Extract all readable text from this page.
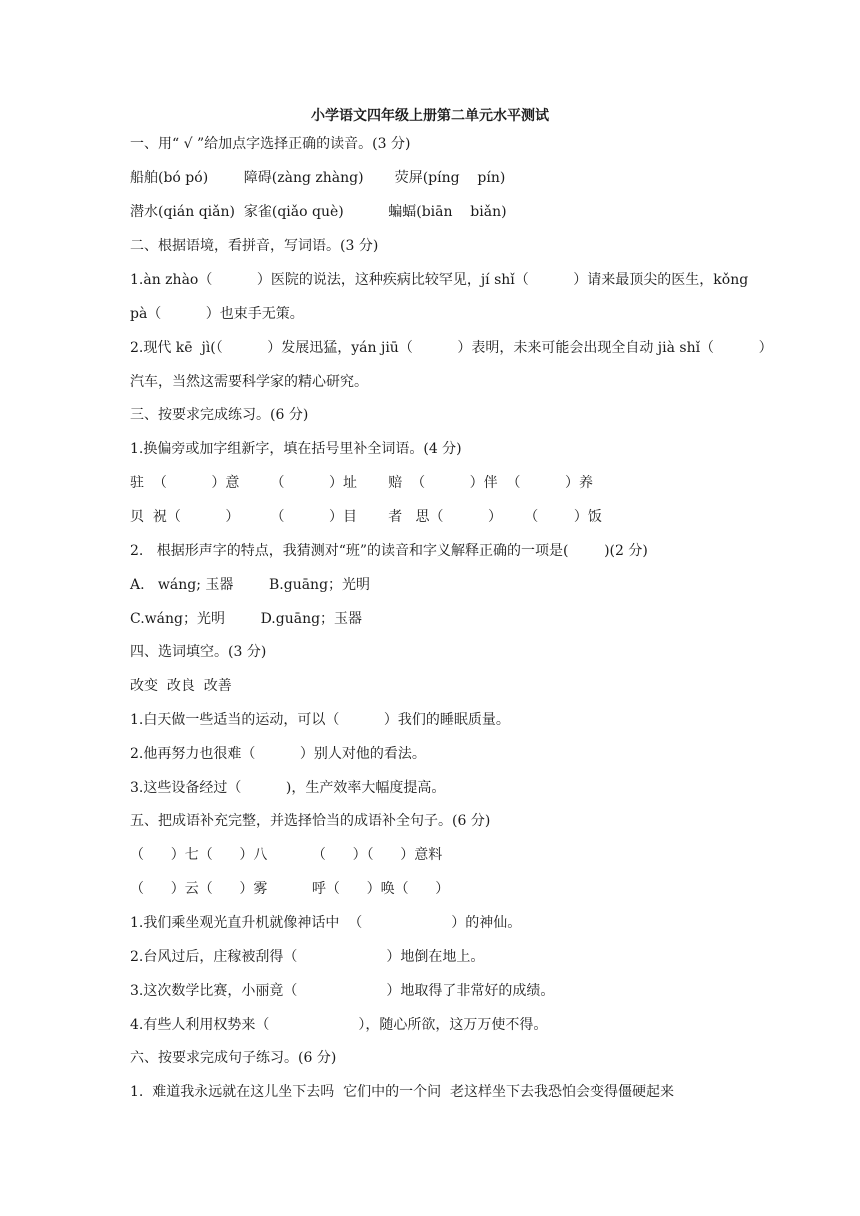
小学语文四年级上册第二单元水平测试
一、用“ √ ”给加点字选择正确的读音。(3 分)
船舶(bó pó)        障碍(zàng zhàng)       荧屏(píng    pín)
潜水(qián qiǎn)  家雀(qiǎo què)          蝙蝠(biān    biǎn)
二、根据语境，看拼音，写词语。(3 分)
1.àn zhào（          ）医院的说法，这种疾病比较罕见，jí shǐ（          ）请来最顶尖的医生，kǒng
pà（          ）也束手无策。
2.现代 kē  jì(（          ）发展迅猛，yán jiū（          ）表明，未来可能会出现全自动 jià shǐ（          ）
汽车，当然这需要科学家的精心研究。
三、按要求完成练习。(6 分)
1.换偏旁或加字组新字，填在括号里补全词语。(4 分)
驻  （          ）意       （          ）址       赔  （          ）伴  （          ）养
贝  祝（          ）       （          ）目       者   思（          ）     （        ）饭
2.   根据形声字的特点，我猜测对“班”的读音和字义解释正确的一项是(        )(2 分)
A.   wáng; 玉器        B.guāng；光明
C.wáng；光明        D.guāng；玉器
四、选词填空。(3 分)
改变  改良  改善
1.白天做一些适当的运动，可以（          ）我们的睡眠质量。
2.他再努力也很难（          ）别人对他的看法。
3.这些设备经过（          )，生产效率大幅度提高。
五、把成语补充完整，并选择恰当的成语补全句子。(6 分)
（      ）七（      ）八          （      ）（      ）意料
（      ）云（      ）雾          呼（      ）唤（      ）
1.我们乘坐观光直升机就像神话中  （                    ）的神仙。
2.台风过后，庄稼被刮得（                    ）地倒在地上。
3.这次数学比赛，小丽竟（                    ）地取得了非常好的成绩。
4.有些人利用权势来（                    ），随心所欲，这万万使不得。
六、按要求完成句子练习。(6 分)
1.  难道我永远就在这儿坐下去吗  它们中的一个问  老这样坐下去我恐怕会变得僵硬起来
